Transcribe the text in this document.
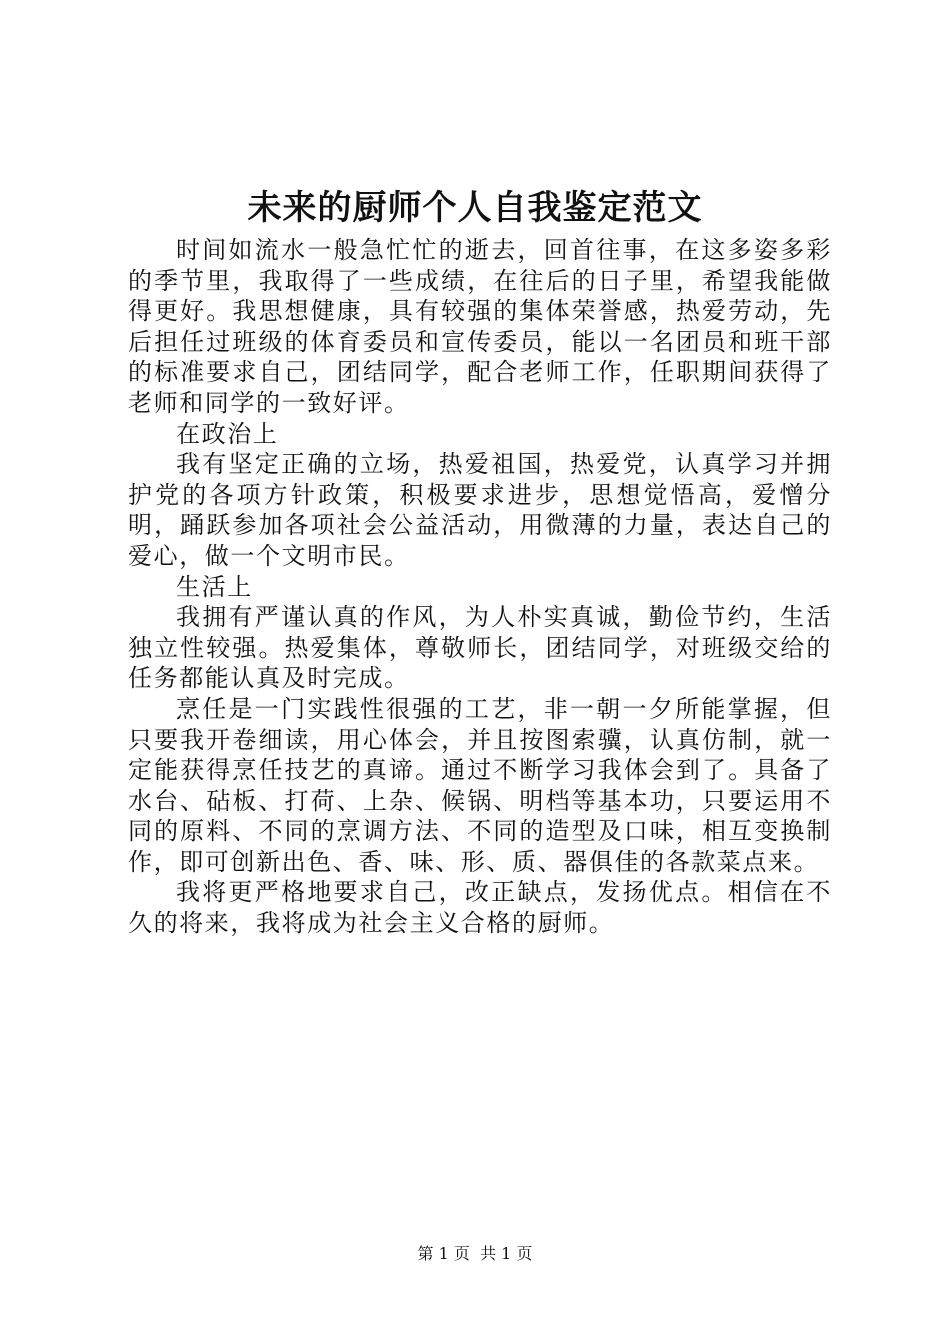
未来的厨师个人自我鉴定范文

时间如流水一般急忙忙的逝去，回首往事，在这多姿多彩的季节里，我取得了一些成绩，在往后的日子里，希望我能做得更好。我思想健康，具有较强的集体荣誉感，热爱劳动，先后担任过班级的体育委员和宣传委员，能以一名团员和班干部的标准要求自己，团结同学，配合老师工作，任职期间获得了老师和同学的一致好评。

在政治上

我有坚定正确的立场，热爱祖国，热爱党，认真学习并拥护党的各项方针政策，积极要求进步，思想觉悟高，爱憎分明，踊跃参加各项社会公益活动，用微薄的力量，表达自己的爱心，做一个文明市民。

生活上

我拥有严谨认真的作风，为人朴实真诚，勤俭节约，生活独立性较强。热爱集体，尊敬师长，团结同学，对班级交给的任务都能认真及时完成。

烹任是一门实践性很强的工艺，非一朝一夕所能掌握，但只要我开卷细读，用心体会，并且按图索骥，认真仿制，就一定能获得烹任技艺的真谛。通过不断学习我体会到了。具备了水台、砧板、打荷、上杂、候锅、明档等基本功，只要运用不同的原料、不同的烹调方法、不同的造型及口味，相互变换制作，即可创新出色、香、味、形、质、器俱佳的各款菜点来。

我将更严格地要求自己，改正缺点，发扬优点。相信在不久的将来，我将成为社会主义合格的厨师。

第 1 页 共 1 页
